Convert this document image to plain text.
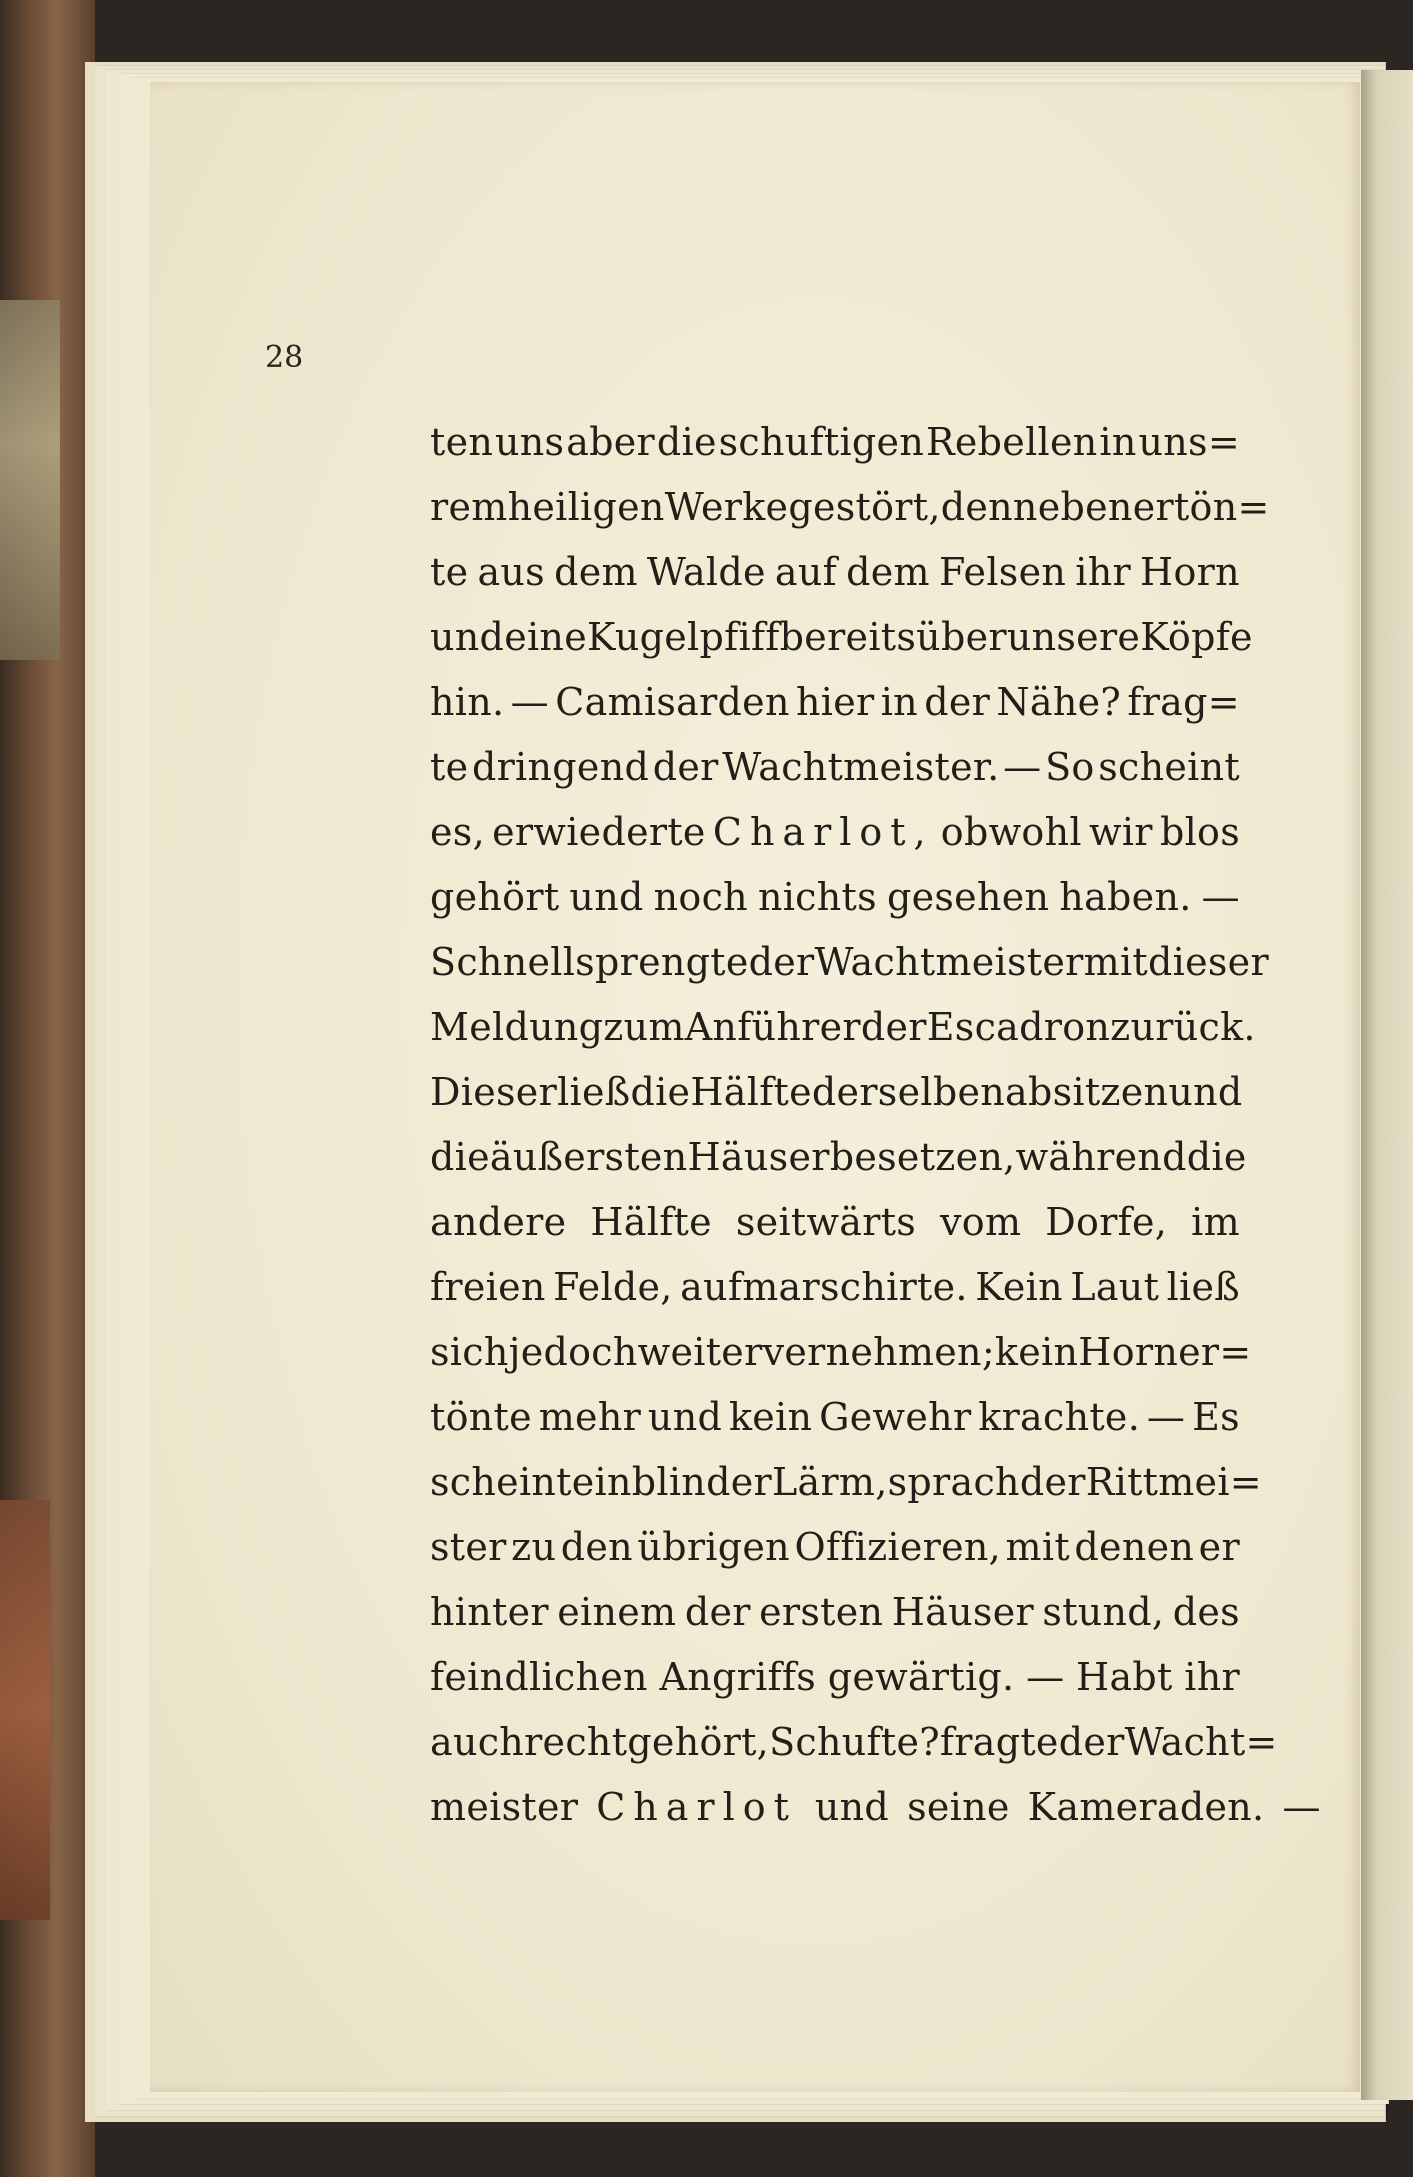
28
ten uns aber die schuftigen Rebellen in uns=
rem heiligen Werke gestört, denn eben ertön=
te aus dem Walde auf dem Felsen ihr Horn
und eine Kugel pfiff bereits über unsere Köpfe
hin. — Camisarden hier in der Nähe? frag=
te dringend der Wachtmeister. — So scheint
es, erwiederte Charlot, obwohl wir blos
gehört und noch nichts gesehen haben. —
Schnell sprengte der Wachtmeister mit dieser
Meldung zum Anführer der Escadron zurück.
Dieser ließ die Hälfte derselben absitzen und
die äußersten Häuser besetzen, während die
andere Hälfte seitwärts vom Dorfe, im
freien Felde, aufmarschirte. Kein Laut ließ
sich jedoch weiter vernehmen; kein Horn er=
tönte mehr und kein Gewehr krachte. — Es
scheint ein blinder Lärm, sprach der Rittmei=
ster zu den übrigen Offizieren, mit denen er
hinter einem der ersten Häuser stund, des
feindlichen Angriffs gewärtig. — Habt ihr
auch recht gehört, Schufte? fragte der Wacht=
meister Charlot und seine Kameraden. —
